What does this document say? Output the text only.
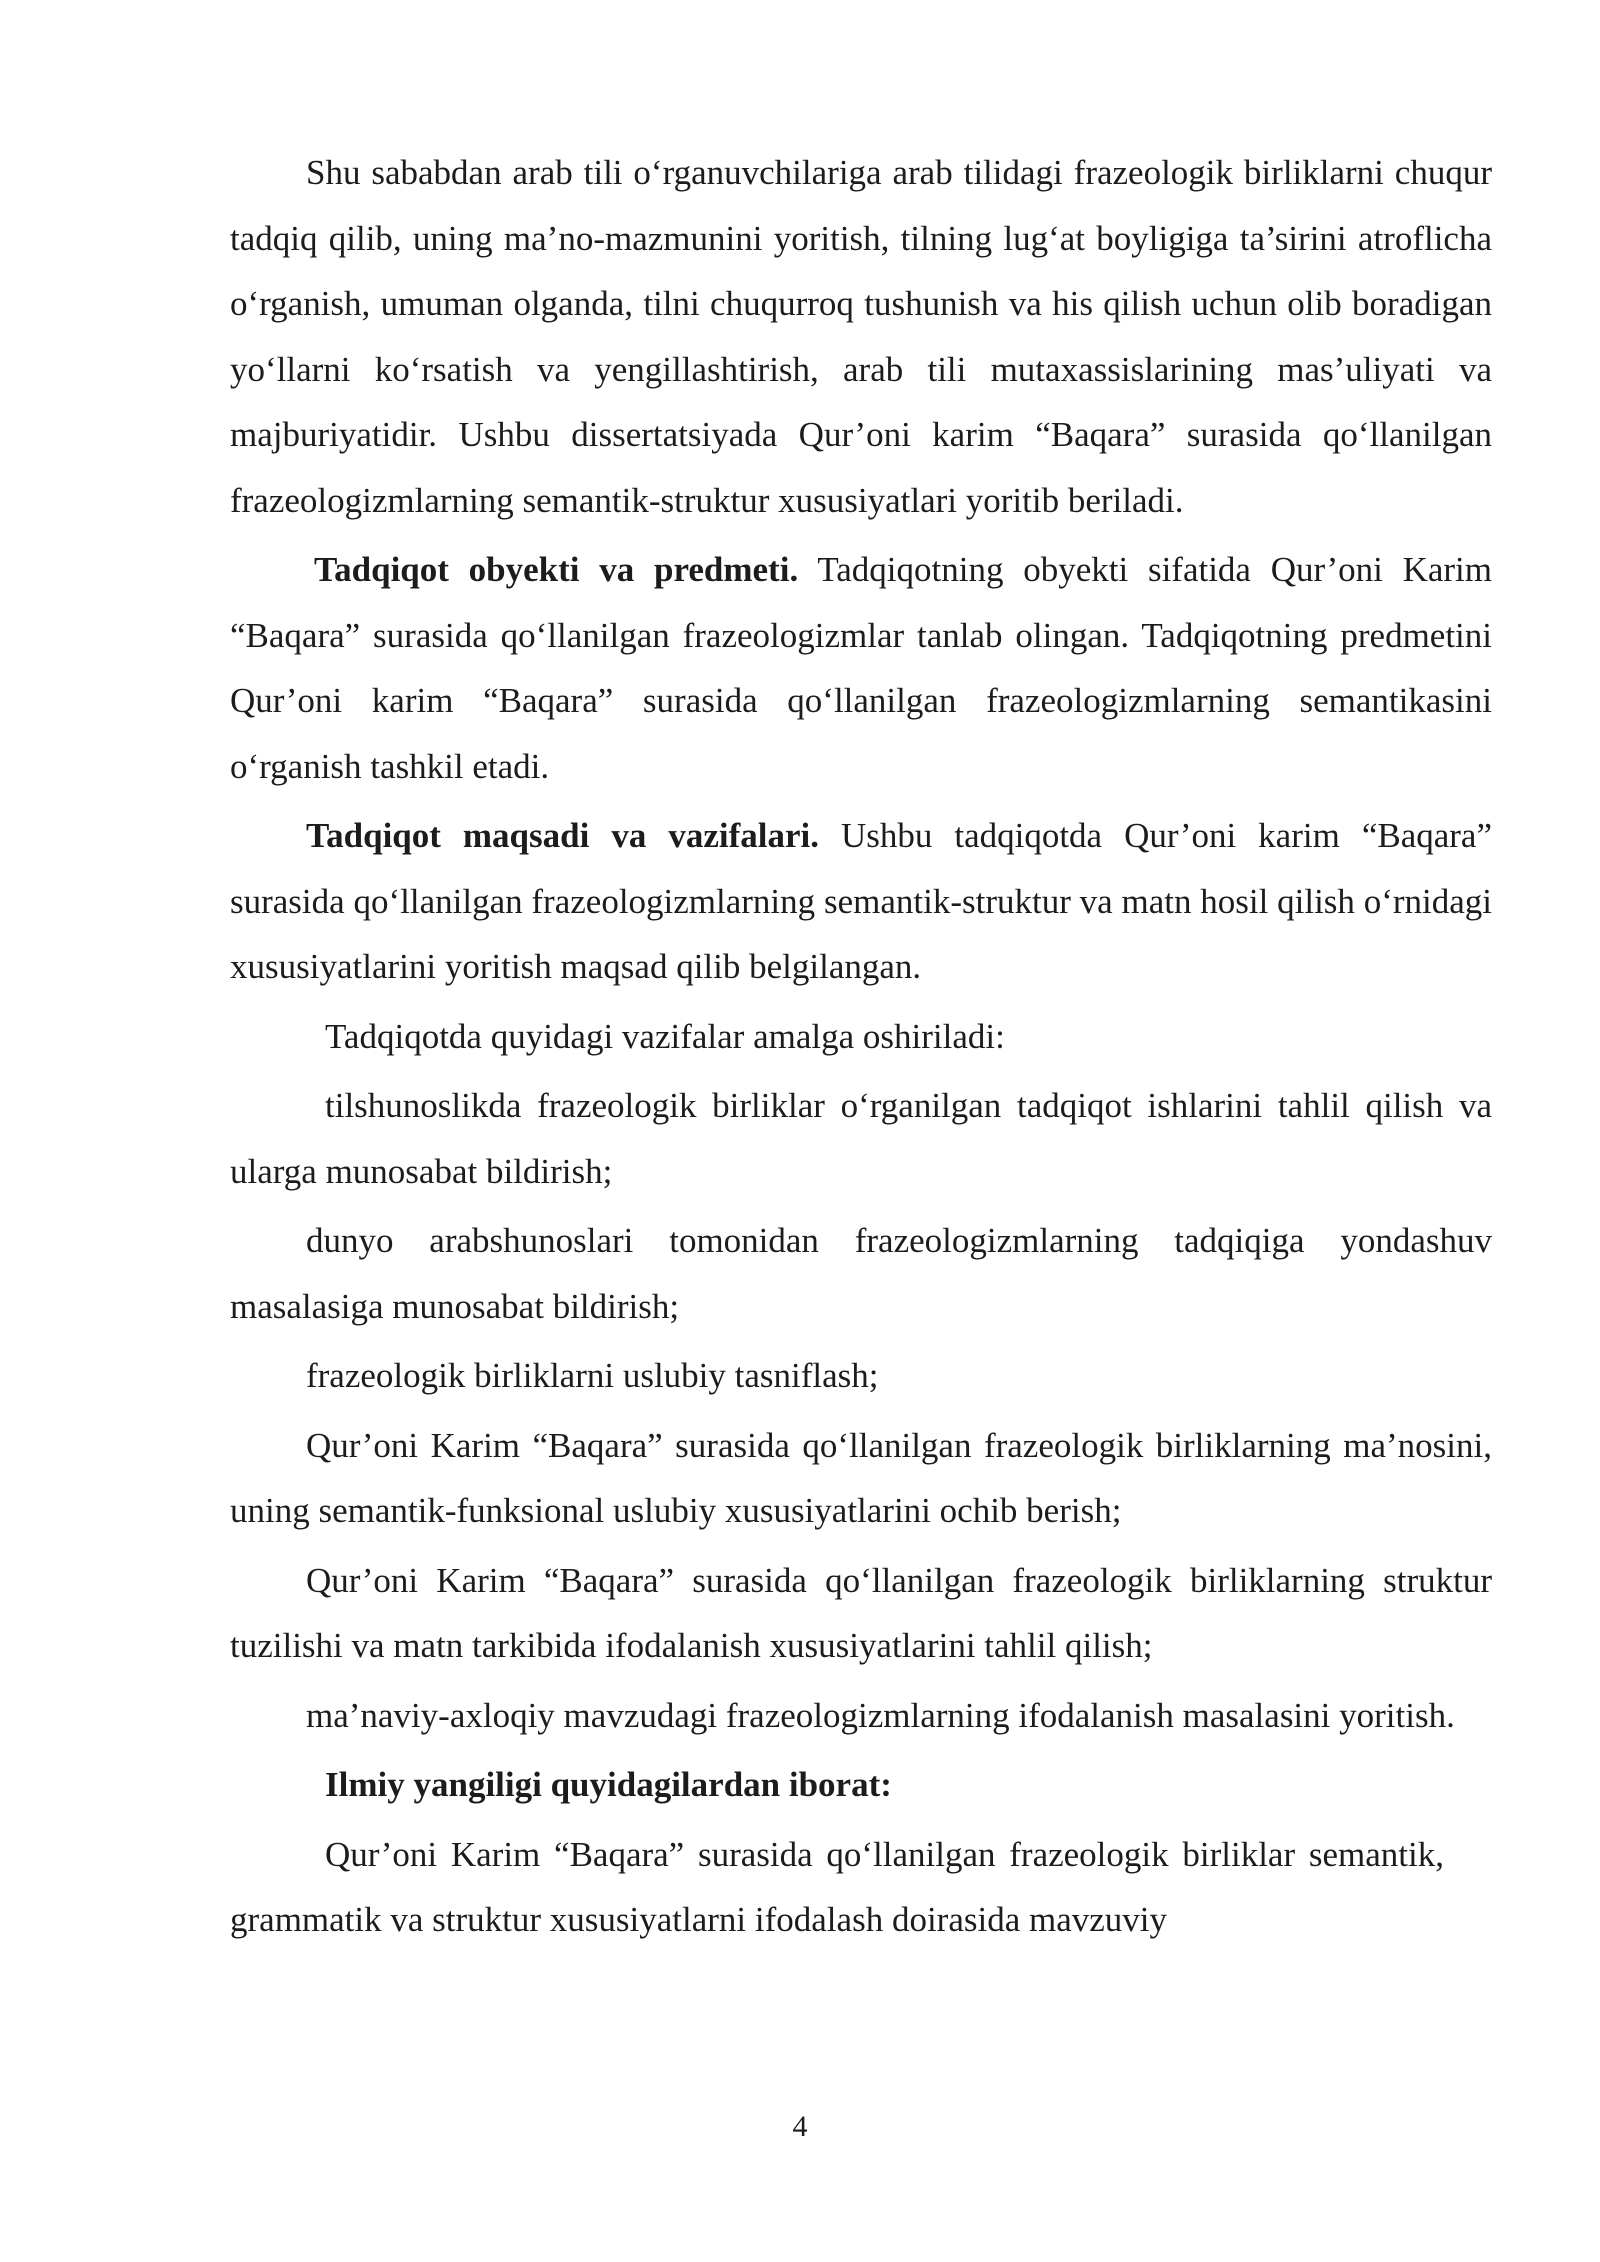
Shu sababdan arab tili o‘rganuvchilariga arab tilidagi frazeologik birliklarni chuqur tadqiq qilib, uning ma’no-mazmunini yoritish, tilning lug‘at boyligiga ta’sirini atroflicha o‘rganish, umuman olganda, tilni chuqurroq tushunish va his qilish uchun olib boradigan yo‘llarni ko‘rsatish va yengillashtirish, arab tili mutaxassislarining mas’uliyati va majburiyatidir. Ushbu dissertatsiyada Qur’oni karim “Baqara” surasida qo‘llanilgan frazeologizmlarning semantik-struktur xususiyatlari yoritib beriladi.

Tadqiqot obyekti va predmeti. Tadqiqotning obyekti sifatida Qur’oni Karim “Baqara” surasida qo‘llanilgan frazeologizmlar tanlab olingan. Tadqiqotning predmetini Qur’oni karim “Baqara” surasida qo‘llanilgan frazeologizmlarning semantikasini o‘rganish tashkil etadi.

Tadqiqot maqsadi va vazifalari. Ushbu tadqiqotda Qur’oni karim “Baqara” surasida qo‘llanilgan frazeologizmlarning semantik-struktur va matn hosil qilish o‘rnidagi xususiyatlarini yoritish maqsad qilib belgilangan.

Tadqiqotda quyidagi vazifalar amalga oshiriladi:

tilshunoslikda frazeologik birliklar o‘rganilgan tadqiqot ishlarini tahlil qilish va ularga munosabat bildirish;

dunyo arabshunoslari tomonidan frazeologizmlarning tadqiqiga yondashuv masalasiga munosabat bildirish;

frazeologik birliklarni uslubiy tasniflash;

Qur’oni Karim “Baqara” surasida qo‘llanilgan frazeologik birliklarning ma’nosini, uning semantik-funksional uslubiy xususiyatlarini ochib berish;

Qur’oni Karim “Baqara” surasida qo‘llanilgan frazeologik birliklarning struktur tuzilishi va matn tarkibida ifodalanish xususiyatlarini tahlil qilish;

ma’naviy-axloqiy mavzudagi frazeologizmlarning ifodalanish masalasini yoritish.

Ilmiy yangiligi quyidagilardan iborat:

Qur’oni Karim “Baqara” surasida qo‘llanilgan frazeologik birliklar semantik, grammatik va struktur xususiyatlarni ifodalash doirasida mavzuviy

4
